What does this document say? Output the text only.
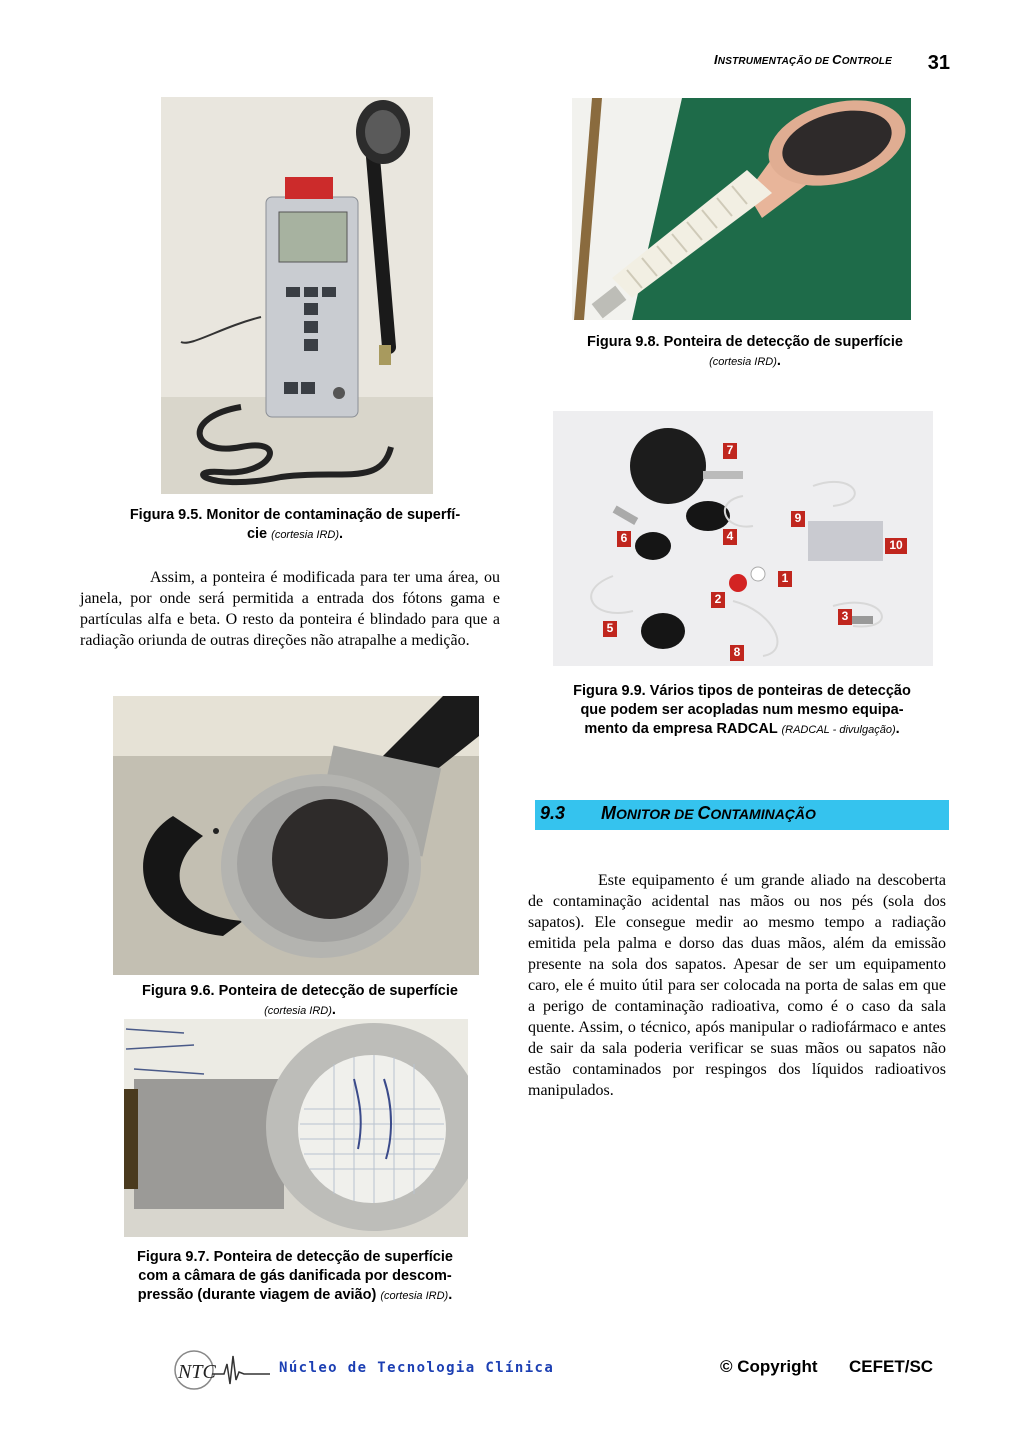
INSTRUMENTAÇÃO DE CONTROLE 31
Figura 9.5. Monitor de contaminação de superfí-
cie (cortesia IRD).
Assim, a ponteira é modificada para ter uma área, ou janela, por onde será permitida a entrada dos fótons gama e partículas alfa e beta. O resto da ponteira é blindado para que a radiação oriunda de outras direções não atrapalhe a medição.
Figura 9.6. Ponteira de detecção de superfície
(cortesia IRD).
Figura 9.7. Ponteira de detecção de superfície
com a câmara de gás danificada por descom-
pressão (durante viagem de avião) (cortesia IRD).
Figura 9.8. Ponteira de detecção de superfície
(cortesia IRD).
7
1
2
3
4
5
6
8
9
10
Figura 9.9. Vários tipos de ponteiras de detecção
que podem ser acopladas num mesmo equipa-
mento da empresa RADCAL (RADCAL - divulgação).
9.3 MONITOR DE CONTAMINAÇÃO
Este equipamento é um grande aliado na descoberta de contaminação acidental nas mãos ou nos pés (sola dos sapatos). Ele consegue medir ao mesmo tempo a radiação emitida pela palma e dorso das duas mãos, além da emissão presente na sola dos sapatos. Apesar de ser um equipamento caro, ele é muito útil para ser colocada na porta de salas em que a perigo de contaminação radioativa, como é o caso da sala quente. Assim, o técnico, após manipular o radiofármaco e antes de sair da sala poderia verificar se suas mãos ou sapatos não estão contaminados por respingos dos líquidos radioativos manipulados.
NTC	Núcleo de Tecnologia Clínica	© Copyright CEFET/SC
